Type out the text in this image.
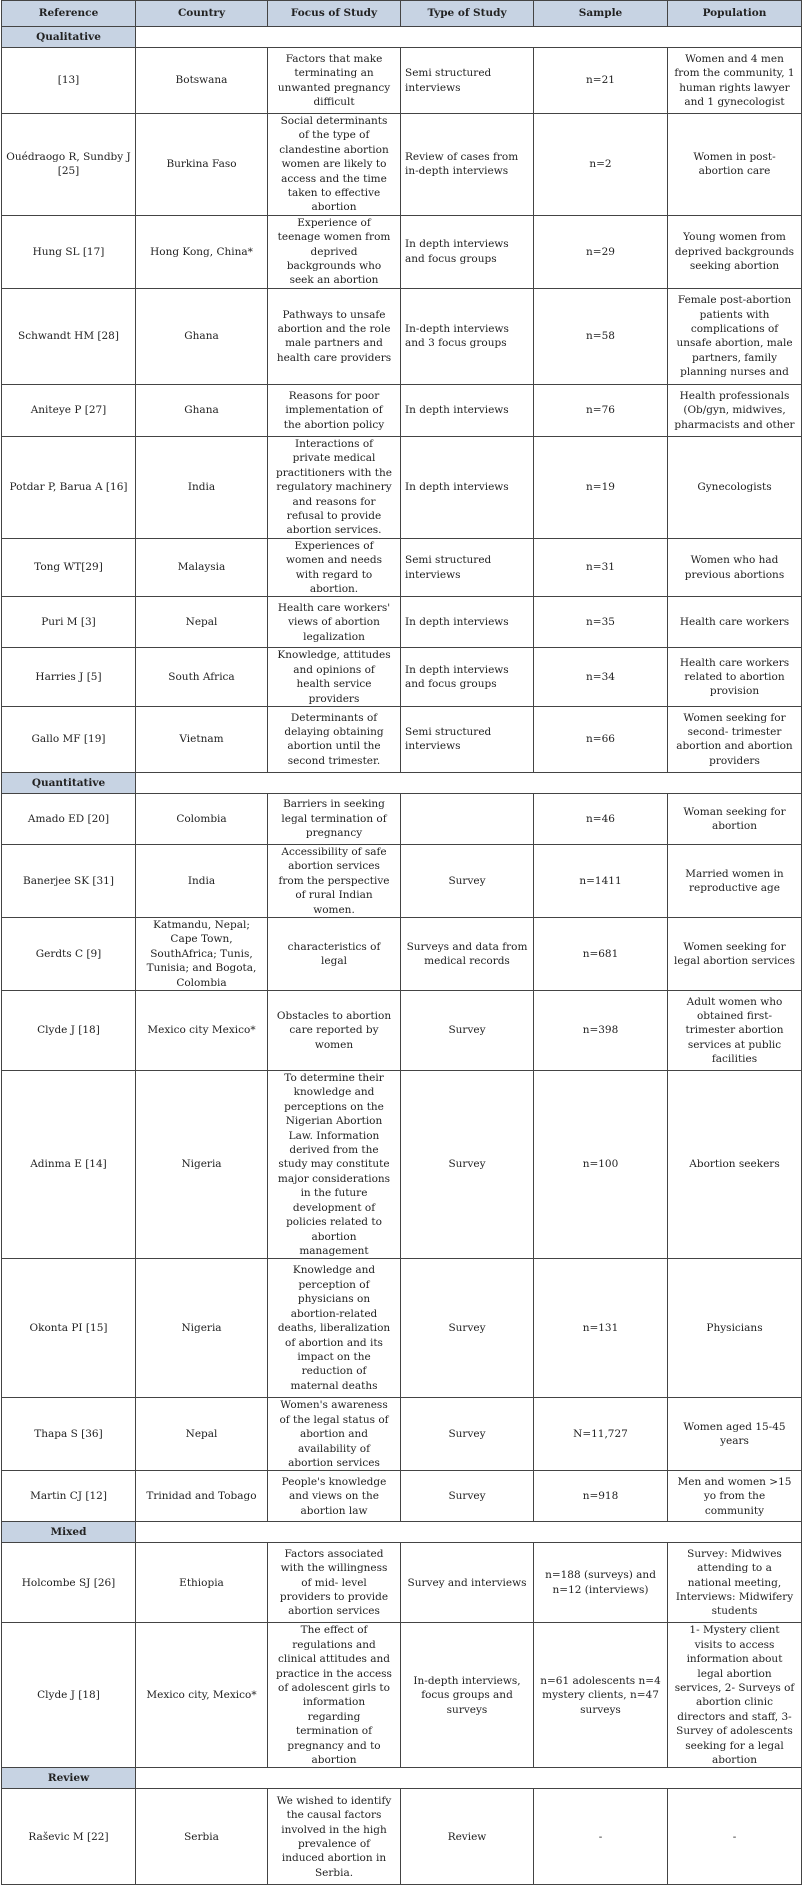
Reference	Country	Focus of Study	Type of Study	Sample	Population
Qualitative					
[13]	Botswana	Factors that make terminating an unwanted pregnancy difficult	Semi structured interviews	n=21	Women and 4 men from the community, 1 human rights lawyer and 1 gynecologist
Ouédraogo R, Sundby J [25]	Burkina Faso	Social determinants of the type of clandestine abortion women are likely to access and the time taken to effective abortion	Review of cases from in-depth interviews	n=2	Women in post-abortion care
Hung SL [17]	Hong Kong, China*	Experience of teenage women from deprived backgrounds who seek an abortion	In depth interviews and focus groups	n=29	Young women from deprived backgrounds seeking abortion
Schwandt HM [28]	Ghana	Pathways to unsafe abortion and the role male partners and health care providers	In-depth interviews and 3 focus groups	n=58	Female post-abortion patients with complications of unsafe abortion, male partners, family planning nurses and
Aniteye P [27]	Ghana	Reasons for poor implementation of the abortion policy	In depth interviews	n=76	Health professionals (Ob/gyn, midwives, pharmacists and other
Potdar P, Barua A [16]	India	Interactions of private medical practitioners with the regulatory machinery and reasons for refusal to provide abortion services.	In depth interviews	n=19	Gynecologists
Tong WT[29]	Malaysia	Experiences of women and needs with regard to abortion.	Semi structured interviews	n=31	Women who had previous abortions
Puri M [3]	Nepal	Health care workers' views of abortion legalization	In depth interviews	n=35	Health care workers
Harries J [5]	South Africa	Knowledge, attitudes and opinions of health service providers	In depth interviews and focus groups	n=34	Health care workers related to abortion provision
Gallo MF [19]	Vietnam	Determinants of delaying obtaining abortion until the second trimester.	Semi structured interviews	n=66	Women seeking for second- trimester abortion and abortion providers
Quantitative					
Amado ED [20]	Colombia	Barriers in seeking legal termination of pregnancy		n=46	Woman seeking for abortion
Banerjee SK [31]	India	Accessibility of safe abortion services from the perspective of rural Indian women.	Survey	n=1411	Married women in reproductive age
Gerdts C [9]	Katmandu, Nepal; Cape Town, SouthAfrica; Tunis, Tunisia; and Bogota, Colombia	characteristics of legal	Surveys and data from medical records	n=681	Women seeking for legal abortion services
Clyde J [18]	Mexico city Mexico*	Obstacles to abortion care reported by women	Survey	n=398	Adult women who obtained first-trimester abortion services at public facilities
Adinma E [14]	Nigeria	To determine their knowledge and perceptions on the Nigerian Abortion Law. Information derived from the study may constitute major considerations in the future development of policies related to abortion management	Survey	n=100	Abortion seekers
Okonta PI [15]	Nigeria	Knowledge and perception of physicians on abortion-related deaths, liberalization of abortion and its impact on the reduction of maternal deaths	Survey	n=131	Physicians
Thapa S [36]	Nepal	Women's awareness of the legal status of abortion and availability of abortion services	Survey	N=11,727	Women aged 15-45 years
Martin CJ [12]	Trinidad and Tobago	People's knowledge and views on the abortion law	Survey	n=918	Men and women >15 yo from the community
Mixed					
Holcombe SJ [26]	Ethiopia	Factors associated with the willingness of mid- level providers to provide abortion services	Survey and interviews	n=188 (surveys) and n=12 (interviews)	Survey: Midwives attending to a national meeting, Interviews: Midwifery students
Clyde J [18]	Mexico city, Mexico*	The effect of regulations and clinical attitudes and practice in the access of adolescent girls to information regarding termination of pregnancy and to abortion	In-depth interviews, focus groups and surveys	n=61 adolescents n=4 mystery clients, n=47 surveys	1- Mystery client visits to access information about legal abortion services, 2- Surveys of abortion clinic directors and staff, 3- Survey of adolescents seeking for a legal abortion
Review					
Raševic M [22]	Serbia	We wished to identify the causal factors involved in the high prevalence of induced abortion in Serbia.	Review	-	-
